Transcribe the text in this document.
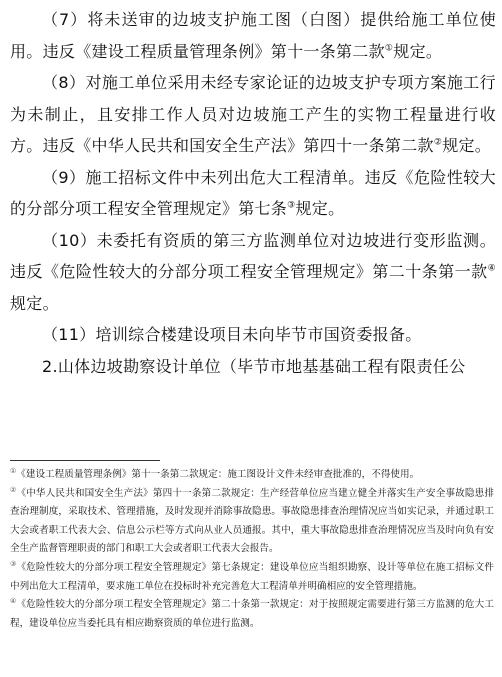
（7）将未送审的边坡支护施工图（白图）提供给施工单位使用。违反《建设工程质量管理条例》第十一条第二款①规定。

（8）对施工单位采用未经专家论证的边坡支护专项方案施工行为未制止，且安排工作人员对边坡施工产生的实物工程量进行收方。违反《中华人民共和国安全生产法》第四十一条第二款②规定。

（9）施工招标文件中未列出危大工程清单。违反《危险性较大的分部分项工程安全管理规定》第七条③规定。

（10）未委托有资质的第三方监测单位对边坡进行变形监测。违反《危险性较大的分部分项工程安全管理规定》第二十条第一款④规定。

（11）培训综合楼建设项目未向毕节市国资委报备。

2.山体边坡勘察设计单位（毕节市地基基础工程有限责任公

①《建设工程质量管理条例》第十一条第二款规定：施工图设计文件未经审查批准的，不得使用。

②《中华人民共和国安全生产法》第四十一条第二款规定：生产经营单位应当建立健全并落实生产安全事故隐患排查治理制度，采取技术、管理措施，及时发现并消除事故隐患。事故隐患排查治理情况应当如实记录，并通过职工大会或者职工代表大会、信息公示栏等方式向从业人员通报。其中，重大事故隐患排查治理情况应当及时向负有安全生产监督管理职责的部门和职工大会或者职工代表大会报告。

③《危险性较大的分部分项工程安全管理规定》第七条规定：建设单位应当组织勘察、设计等单位在施工招标文件中列出危大工程清单，要求施工单位在投标时补充完善危大工程清单并明确相应的安全管理措施。

④《危险性较大的分部分项工程安全管理规定》第二十条第一款规定：对于按照规定需要进行第三方监测的危大工程，建设单位应当委托具有相应勘察资质的单位进行监测。
